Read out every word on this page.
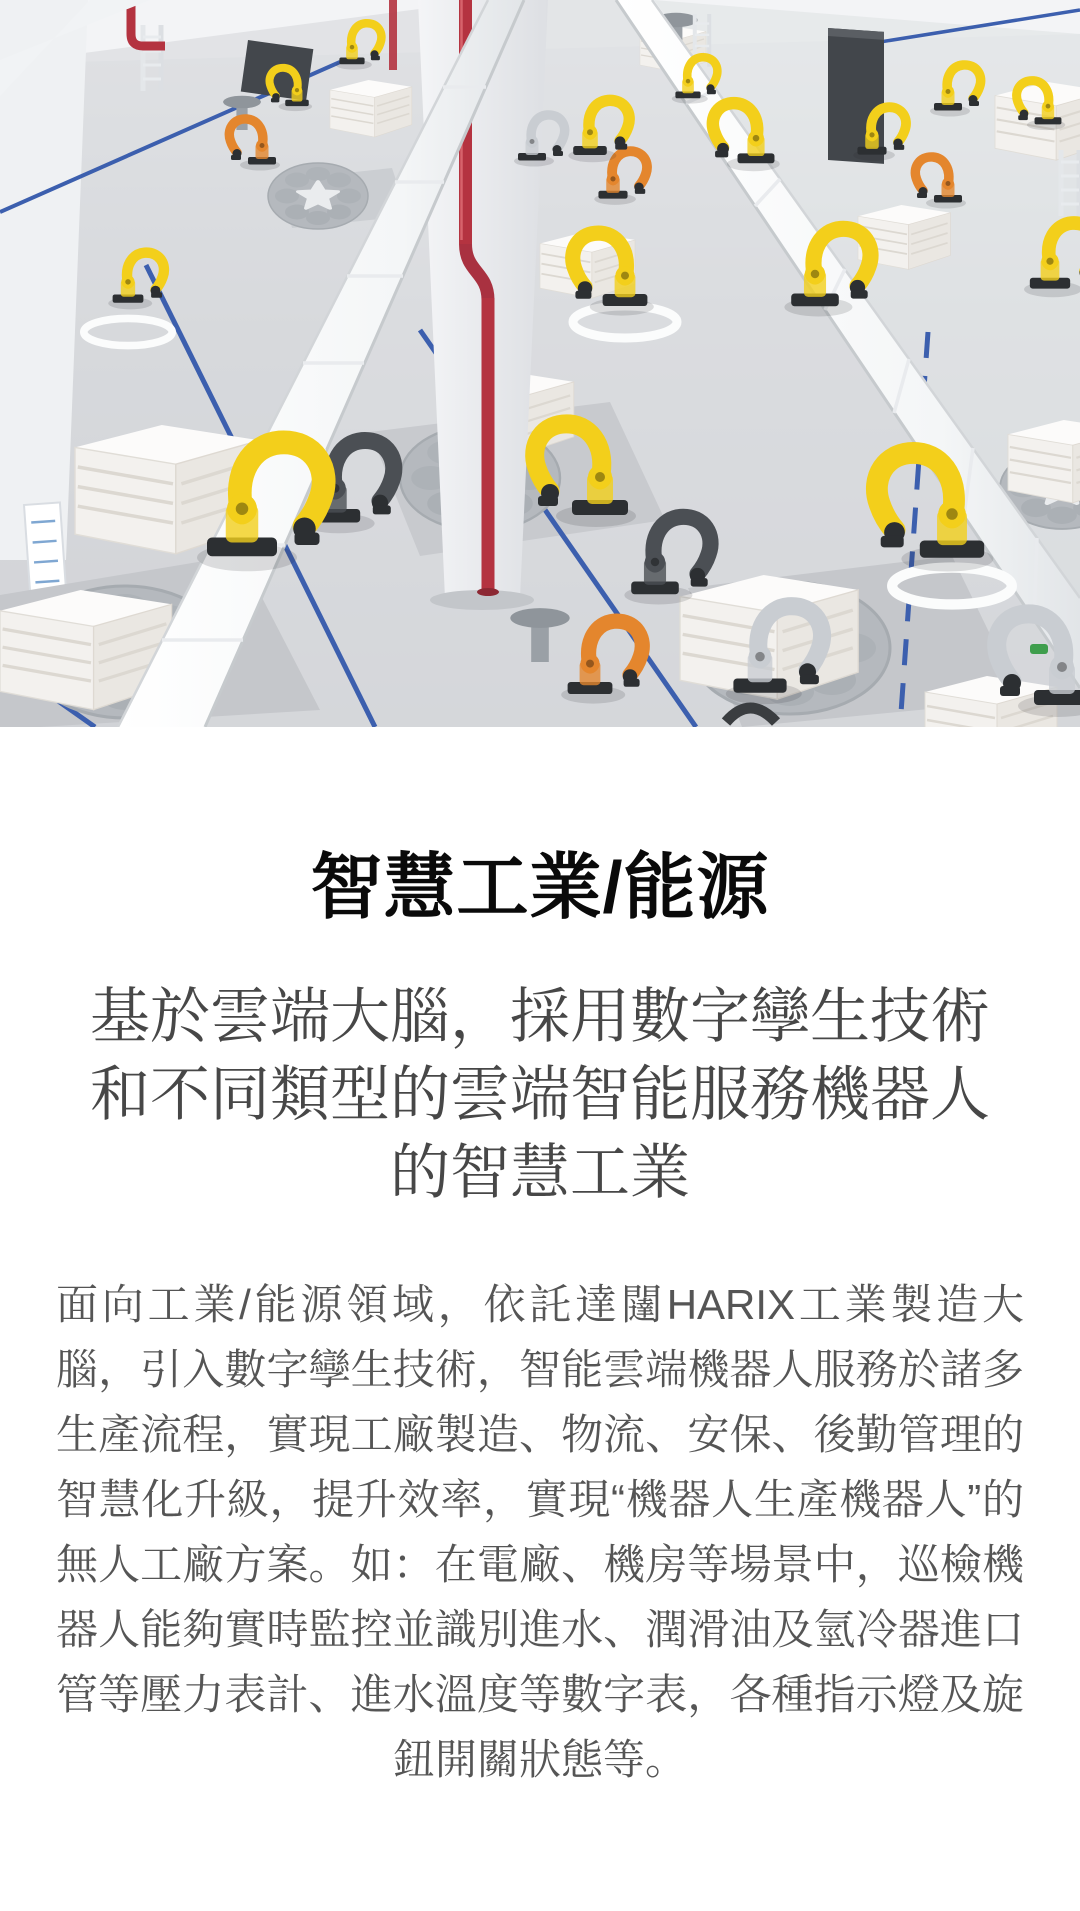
智慧工業/能源
基於雲端大腦，採用數字孿生技術
和不同類型的雲端智能服務機器人
的智慧工業

面向工業/能源領域，依託達闥HARIX工業製造大腦，引入數字孿生技術，智能雲端機器人服務於諸多生產流程，實現工廠製造、物流、安保、後勤管理的智慧化升級，提升效率，實現“機器人生產機器人”的無人工廠方案。如：在電廠、機房等場景中，巡檢機器人能夠實時監控並識別進水、潤滑油及氫冷器進口管等壓力表計、進水溫度等數字表，各種指示燈及旋鈕開關狀態等。
